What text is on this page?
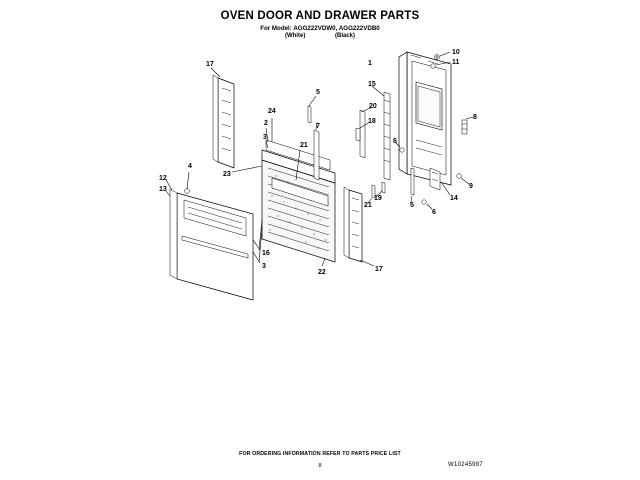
OVEN DOOR AND DRAWER PARTS
For Model: AGG222VDW0, AGG222VDB0
(White)	(Black)
10
11
1
15
17
24
5
20
2	7
8
18
21
3
6
23
9
12
13
4
14
19
21
6
5
16
3
22	17
FOR ORDERING INFORMATION REFER TO PARTS PRICE LIST
8	W10245987
